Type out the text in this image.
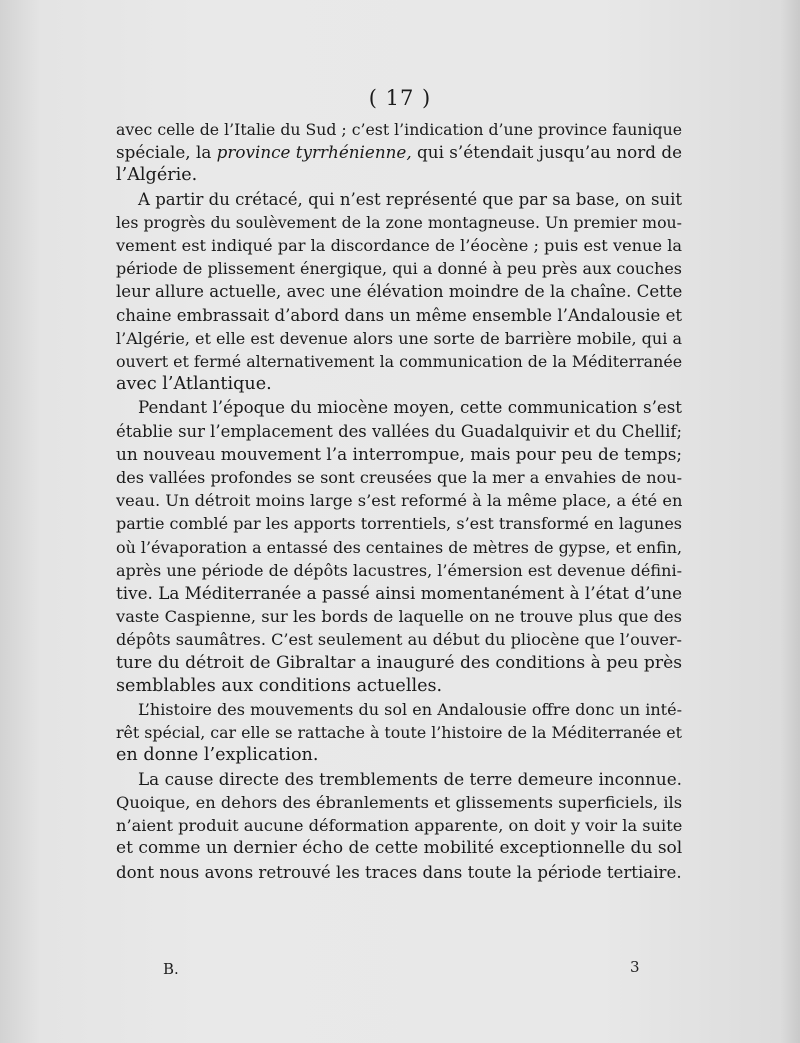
( 17 )

avec celle de l’Italie du Sud ; c’est l’indication d’une province faunique
spéciale, la province tyrrhénienne, qui s’étendait jusqu’au nord de
l’Algérie.

A partir du crétacé, qui n’est représenté que par sa base, on suit
les progrès du soulèvement de la zone montagneuse. Un premier mou-
vement est indiqué par la discordance de l’éocène ; puis est venue la
période de plissement énergique, qui a donné à peu près aux couches
leur allure actuelle, avec une élévation moindre de la chaîne. Cette
chaine embrassait d’abord dans un même ensemble l’Andalousie et
l’Algérie, et elle est devenue alors une sorte de barrière mobile, qui a
ouvert et fermé alternativement la communication de la Méditerranée
avec l’Atlantique.

Pendant l’époque du miocène moyen, cette communication s’est
établie sur l’emplacement des vallées du Guadalquivir et du Chellif;
un nouveau mouvement l’a interrompue, mais pour peu de temps;
des vallées profondes se sont creusées que la mer a envahies de nou-
veau. Un détroit moins large s’est reformé à la même place, a été en
partie comblé par les apports torrentiels, s’est transformé en lagunes
où l’évaporation a entassé des centaines de mètres de gypse, et enfin,
après une période de dépôts lacustres, l’émersion est devenue défini-
tive. La Méditerranée a passé ainsi momentanément à l’état d’une
vaste Caspienne, sur les bords de laquelle on ne trouve plus que des
dépôts saumâtres. C’est seulement au début du pliocène que l’ouver-
ture du détroit de Gibraltar a inauguré des conditions à peu près
semblables aux conditions actuelles.

L’histoire des mouvements du sol en Andalousie offre donc un inté-
rêt spécial, car elle se rattache à toute l’histoire de la Méditerranée et
en donne l’explication.

La cause directe des tremblements de terre demeure inconnue.
Quoique, en dehors des ébranlements et glissements superficiels, ils
n’aient produit aucune déformation apparente, on doit y voir la suite
et comme un dernier écho de cette mobilité exceptionnelle du sol
dont nous avons retrouvé les traces dans toute la période tertiaire.

B.	3
